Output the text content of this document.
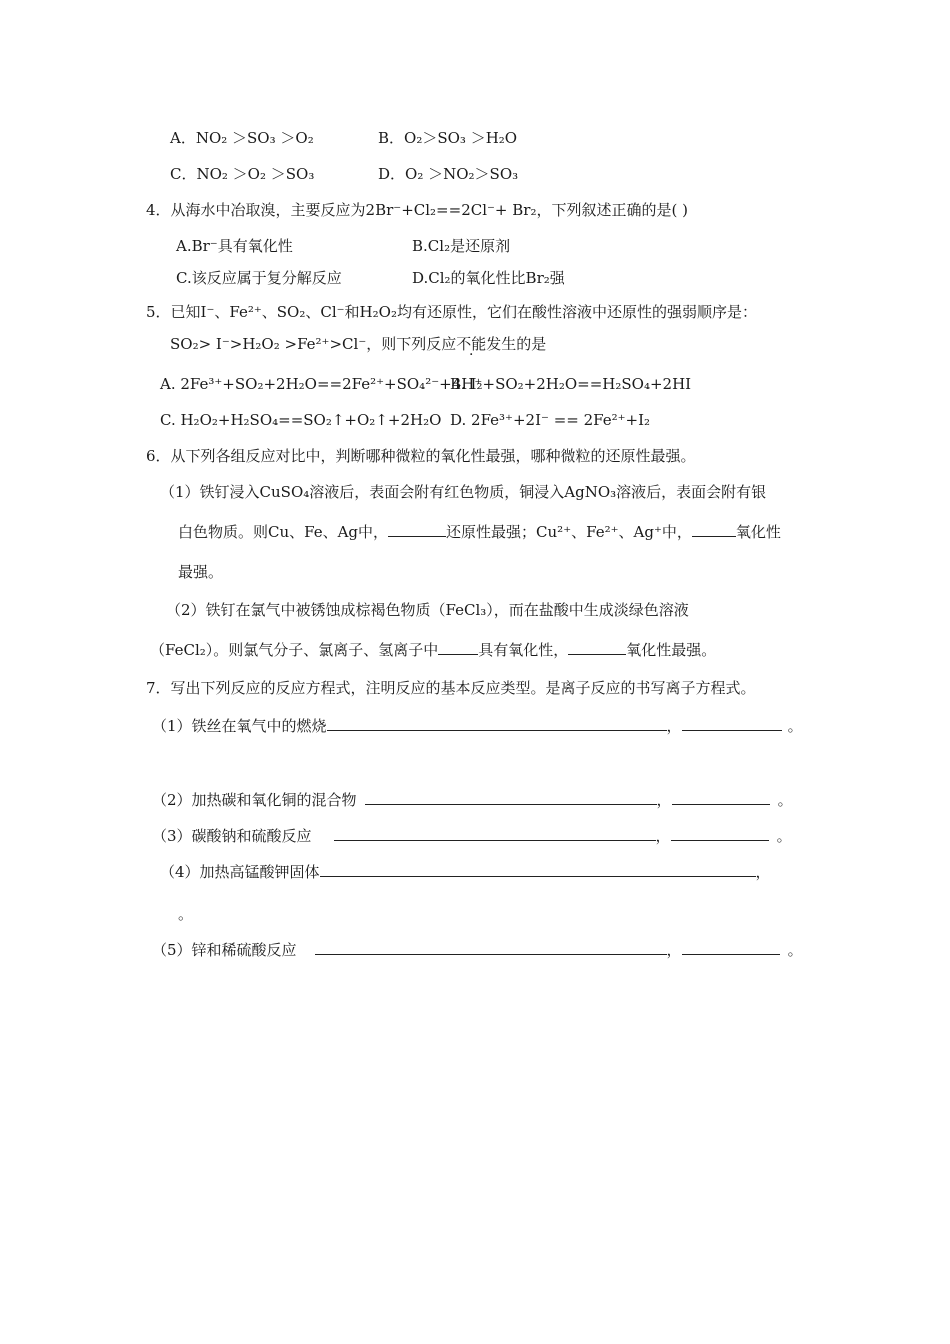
A．NO₂ ＞SO₃ ＞O₂	B．O₂＞SO₃ ＞H₂O
C．NO₂ ＞O₂ ＞SO₃	D．O₂ ＞NO₂＞SO₃
4．从海水中冶取溴，主要反应为2Br⁻+Cl₂==2Cl⁻+ Br₂，下列叙述正确的是( )
A.Br⁻具有氧化性	B.Cl₂是还原剂
C.该反应属于复分解反应	D.Cl₂的氧化性比Br₂强
5．已知I⁻、Fe²⁺、SO₂、Cl⁻和H₂O₂均有还原性，它们在酸性溶液中还原性的强弱顺序是：
SO₂> I⁻>H₂O₂ >Fe²⁺>Cl⁻，则下列反应不能发生的是
A. 2Fe³⁺+SO₂+2H₂O==2Fe²⁺+SO₄²⁻+4H⁺
B. I₂+SO₂+2H₂O==H₂SO₄+2HI
C. H₂O₂+H₂SO₄==SO₂↑+O₂↑+2H₂O D. 2Fe³⁺+2I⁻ == 2Fe²⁺+I₂
6．从下列各组反应对比中，判断哪种微粒的氧化性最强，哪种微粒的还原性最强。
（1）铁钉浸入CuSO₄溶液后，表面会附有红色物质，铜浸入AgNO₃溶液后，表面会附有银
白色物质。则Cu、Fe、Ag中，	还原性最强；Cu²⁺、Fe²⁺、Ag⁺中，	氧化性
最强。
（2）铁钉在氯气中被锈蚀成棕褐色物质（FeCl₃），而在盐酸中生成淡绿色溶液
（FeCl₂）。则氯气分子、氯离子、氢离子中	具有氧化性，	氧化性最强。
7．写出下列反应的反应方程式，注明反应的基本反应类型。是离子反应的书写离子方程式。
（1）铁丝在氧气中的燃烧	，	。
（2）加热碳和氧化铜的混合物	，	。
（3）碳酸钠和硫酸反应	，	。
（4）加热高锰酸钾固体	，
。
（5）锌和稀硫酸反应	，	。
